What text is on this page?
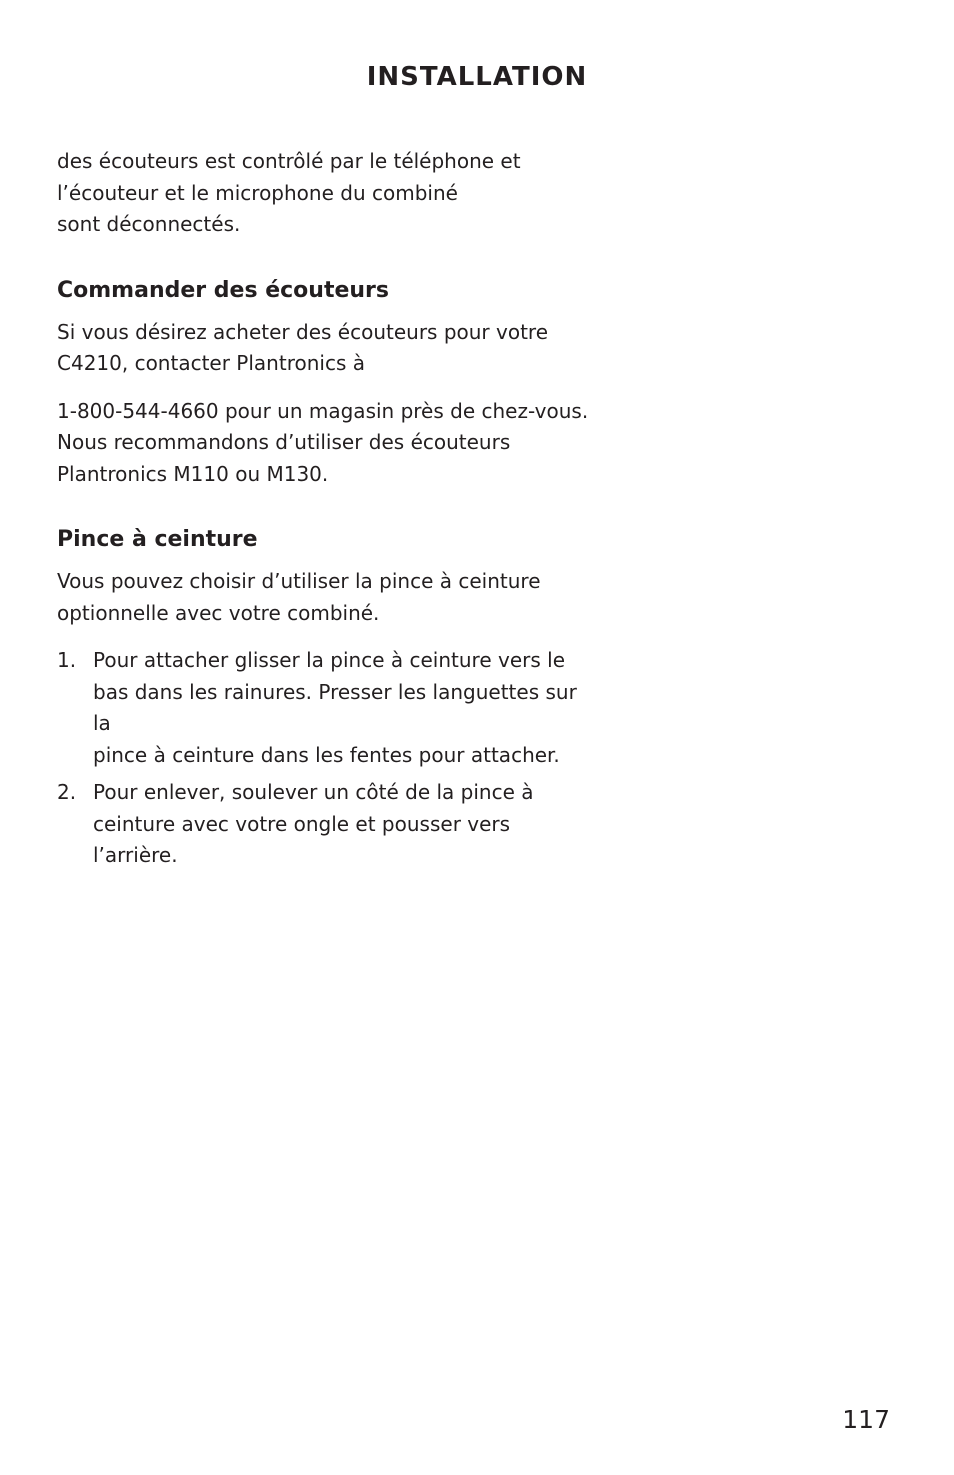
INSTALLATION

des écouteurs est contrôlé par le téléphone et
l’écouteur et le microphone du combiné
sont déconnectés.

Commander des écouteurs

Si vous désirez acheter des écouteurs pour votre
C4210, contacter Plantronics à

1-800-544-4660 pour un magasin près de chez-vous.
Nous recommandons d’utiliser des écouteurs
Plantronics M110 ou M130.

Pince à ceinture

Vous pouvez choisir d’utiliser la pince à ceinture
optionnelle avec votre combiné.

1. Pour attacher glisser la pince à ceinture vers le
bas dans les rainures. Presser les languettes sur la
pince à ceinture dans les fentes pour attacher.
2. Pour enlever, soulever un côté de la pince à
ceinture avec votre ongle et pousser vers
l’arrière.
117
